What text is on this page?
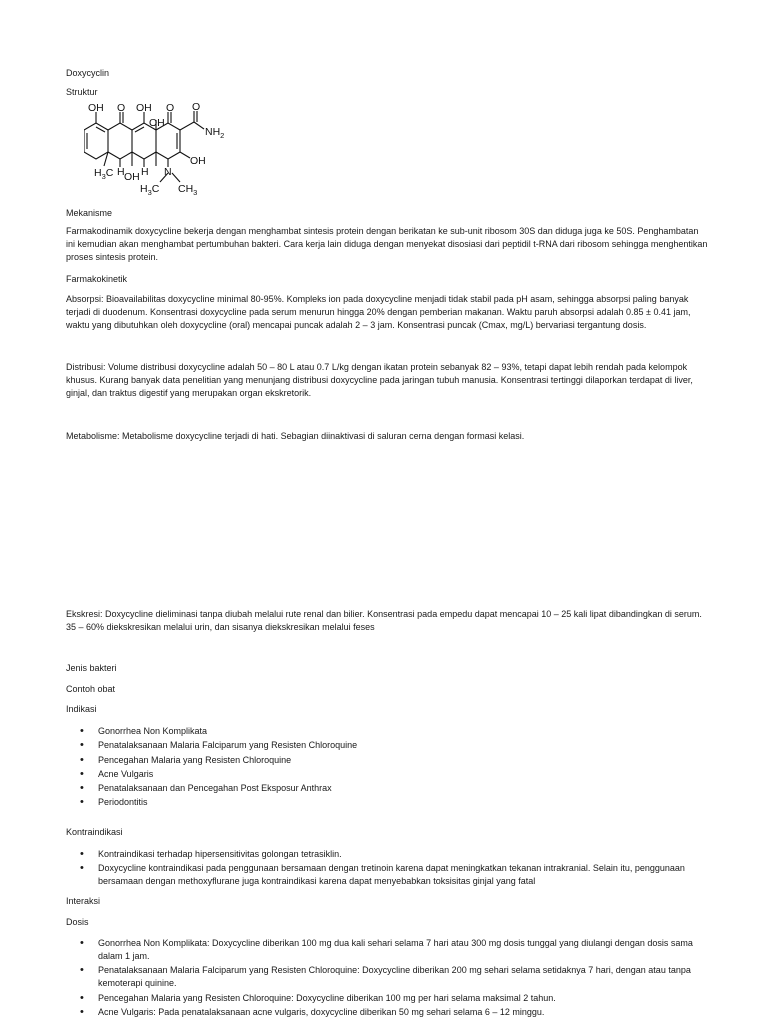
Doxycyclin

Struktur

OH O OH
OH
O O
$NH_2$
OH
$H_3C$ H H
OH N
$H_3C$ $CH_3$

Mekanisme

Farmakodinamik doxycycline bekerja dengan menghambat sintesis protein dengan berikatan ke sub-unit ribosom 30S dan diduga juga ke 50S. Penghambatan ini kemudian akan menghambat pertumbuhan bakteri. Cara kerja lain diduga dengan menyekat disosiasi dari peptidil t-RNA dari ribosom sehingga menghentikan proses sintesis protein.

Farmakokinetik

Absorpsi: Bioavailabilitas doxycycline minimal 80-95%. Kompleks ion pada doxycycline menjadi tidak stabil pada pH asam, sehingga absorpsi paling banyak terjadi di duodenum. Konsentrasi doxycycline pada serum menurun hingga 20% dengan pemberian makanan. Waktu paruh absorpsi adalah 0.85 ± 0.41 jam, waktu yang dibutuhkan oleh doxycycline (oral) mencapai puncak adalah 2 – 3 jam. Konsentrasi puncak (Cmax, mg/L) bervariasi tergantung dosis.

Distribusi: Volume distribusi doxycycline adalah 50 – 80 L atau 0.7 L/kg dengan ikatan protein sebanyak 82 – 93%, tetapi dapat lebih rendah pada kelompok khusus. Kurang banyak data penelitian yang menunjang distribusi doxycycline pada jaringan tubuh manusia. Konsentrasi tertinggi dilaporkan terdapat di liver, ginjal, dan traktus digestif yang merupakan organ ekskretorik.

Metabolisme: Metabolisme doxycycline terjadi di hati. Sebagian diinaktivasi di saluran cerna dengan formasi kelasi.

Ekskresi: Doxycycline dieliminasi tanpa diubah melalui rute renal dan bilier. Konsentrasi pada empedu dapat mencapai 10 – 25 kali lipat dibandingkan di serum. 35 – 60% diekskresikan melalui urin, dan sisanya diekskresikan melalui feses

Jenis bakteri

Contoh obat

Indikasi

• Gonorrhea Non Komplikata
• Penatalaksanaan Malaria Falciparum yang Resisten Chloroquine
• Pencegahan Malaria yang Resisten Chloroquine
• Acne Vulgaris
• Penatalaksanaan dan Pencegahan Post Eksposur Anthrax
• Periodontitis

Kontraindikasi

• Kontraindikasi terhadap hipersensitivitas golongan tetrasiklin.
• Doxycycline kontraindikasi pada penggunaan bersamaan dengan tretinoin karena dapat meningkatkan tekanan intrakranial. Selain itu, penggunaan bersamaan dengan methoxyflurane juga kontraindikasi karena dapat menyebabkan toksisitas ginjal yang fatal

Interaksi

Dosis

• Gonorrhea Non Komplikata: Doxycycline diberikan 100 mg dua kali sehari selama 7 hari atau 300 mg dosis tunggal yang diulangi dengan dosis sama dalam 1 jam.
• Penatalaksanaan Malaria Falciparum yang Resisten Chloroquine: Doxycycline diberikan 200 mg sehari selama setidaknya 7 hari, dengan atau tanpa kemoterapi quinine.
• Pencegahan Malaria yang Resisten Chloroquine: Doxycycline diberikan 100 mg per hari selama maksimal 2 tahun.
• Acne Vulgaris: Pada penatalaksanaan acne vulgaris, doxycycline diberikan 50 mg sehari selama 6 – 12 minggu.
